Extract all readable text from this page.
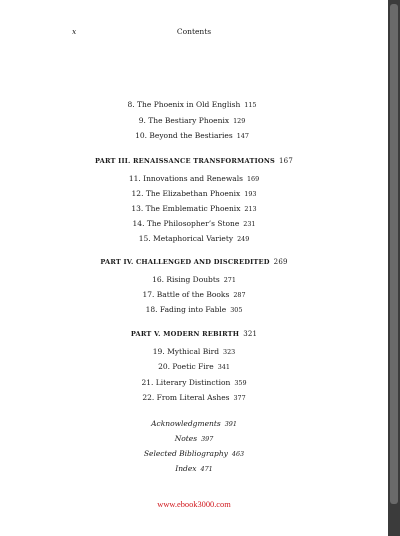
x	Contents
8. The Phoenix in Old English 115
9. The Bestiary Phoenix 129
10. Beyond the Bestiaries 147
PART III. RENAISSANCE TRANSFORMATIONS 167
11. Innovations and Renewals 169
12. The Elizabethan Phoenix 193
13. The Emblematic Phoenix 213
14. The Philosopher’s Stone 231
15. Metaphorical Variety 249
PART IV. CHALLENGED AND DISCREDITED 269
16. Rising Doubts 271
17. Battle of the Books 287
18. Fading into Fable 305
PART V. MODERN REBIRTH 321
19. Mythical Bird 323
20. Poetic Fire 341
21. Literary Distinction 359
22. From Literal Ashes 377
Acknowledgments 391
Notes 397
Selected Bibliography 463
Index 471
www.ebook3000.com
